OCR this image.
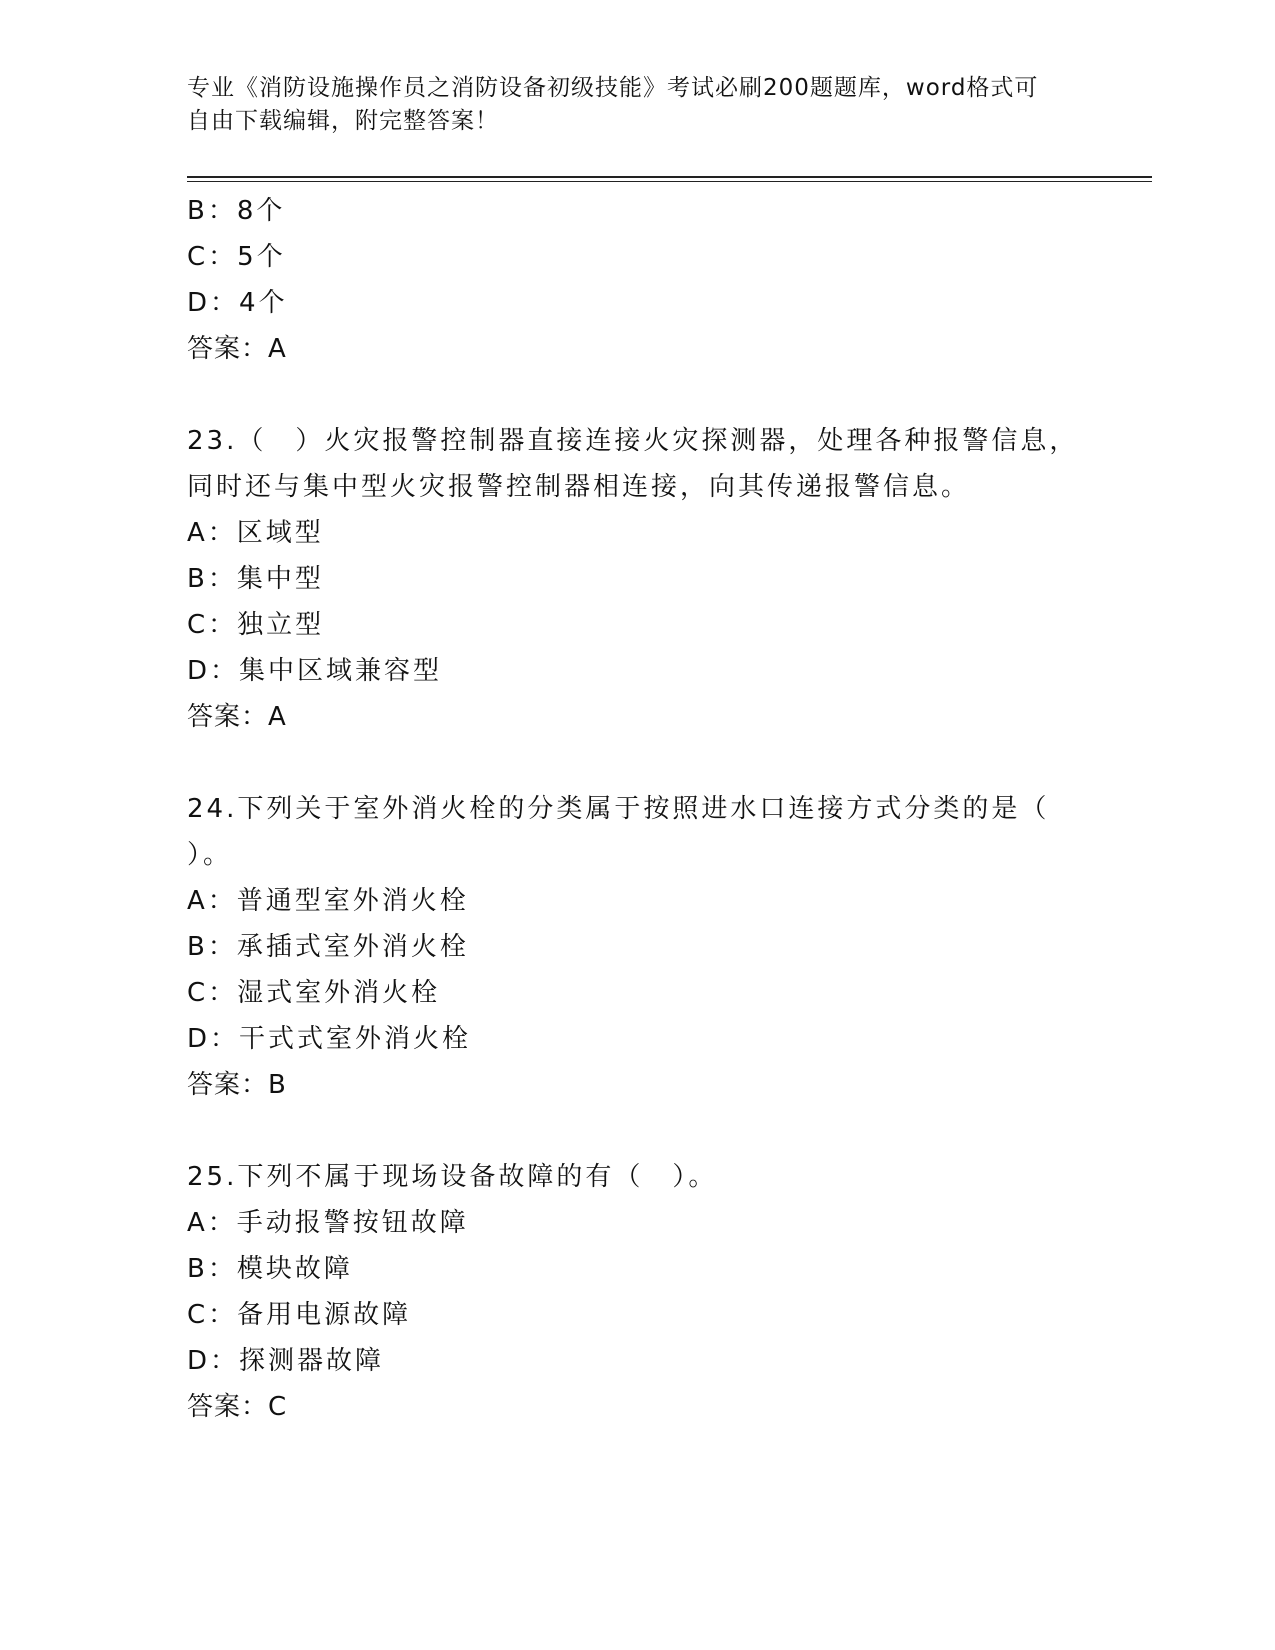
专业《消防设施操作员之消防设备初级技能》考试必刷200题题库，word格式可
自由下载编辑，附完整答案！
B：8个
C：5个
D：4个
答案：A
23.（　）火灾报警控制器直接连接火灾探测器，处理各种报警信息，
同时还与集中型火灾报警控制器相连接，向其传递报警信息。
A：区域型
B：集中型
C：独立型
D：集中区域兼容型
答案：A
24.下列关于室外消火栓的分类属于按照进水口连接方式分类的是（
）。
A：普通型室外消火栓
B：承插式室外消火栓
C：湿式室外消火栓
D：干式式室外消火栓
答案：B
25.下列不属于现场设备故障的有（　）。
A：手动报警按钮故障
B：模块故障
C：备用电源故障
D：探测器故障
答案：C
